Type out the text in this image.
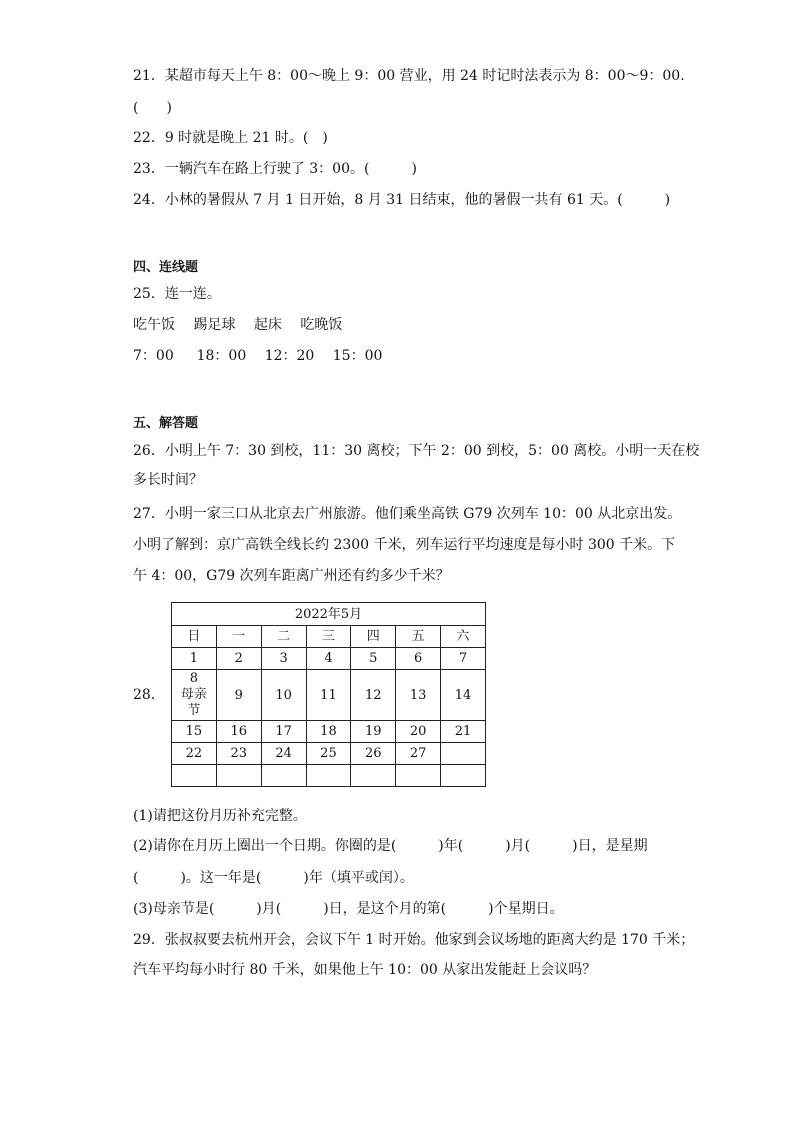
21．某超市每天上午 8：00～晚上 9：00 营业，用 24 时记时法表示为 8：00～9：00.
(　　)
22．9 时就是晚上 21 时。(　)
23．一辆汽车在路上行驶了 3：00。(　　　)
24．小林的暑假从 7 月 1 日开始，8 月 31 日结束，他的暑假一共有 61 天。(　　　)
四、连线题
25．连一连。
吃午饭　 踢足球　 起床　 吃晚饭
7：00　  18：00　 12：20　 15：00
五、解答题
26．小明上午 7：30 到校，11：30 离校；下午 2：00 到校，5：00 离校。小明一天在校
多长时间？
27．小明一家三口从北京去广州旅游。他们乘坐高铁 G79 次列车 10：00 从北京出发。
小明了解到：京广高铁全线长约 2300 千米，列车运行平均速度是每小时 300 千米。下
午 4：00，G79 次列车距离广州还有约多少千米？
28．
2022年5月						
日	一	二	三	四	五	六
1	2	3	4	5	6	7
8
母亲
节	9	10	11	12	13	14
15	16	17	18	19	20	21
22	23	24	25	26	27	

(1)请把这份月历补充完整。
(2)请你在月历上圈出一个日期。你圈的是(　　　)年(　　　)月(　　　)日，是星期
(　　　)。这一年是(　　　)年（填平或闰）。
(3)母亲节是(　　　)月(　　　)日，是这个月的第(　　　)个星期日。
29．张叔叔要去杭州开会，会议下午 1 时开始。他家到会议场地的距离大约是 170 千米；
汽车平均每小时行 80 千米，如果他上午 10：00 从家出发能赶上会议吗？
